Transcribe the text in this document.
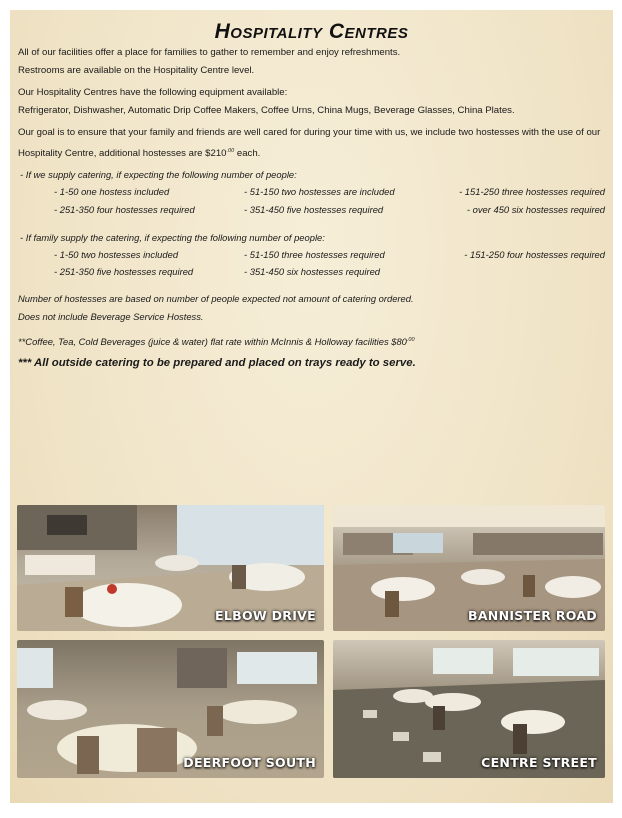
Hospitality Centres
All of our facilities offer a place for families to gather to remember and enjoy refreshments.
Restrooms are available on the Hospitality Centre level.
Our Hospitality Centres have the following equipment available:
Refrigerator, Dishwasher, Automatic Drip Coffee Makers, Coffee Urns, China Mugs, Beverage Glasses, China Plates.
Our goal is to ensure that your family and friends are well cared for during your time with us, we include two hostesses with the use of our Hospitality Centre, additional hostesses are $\$210^{.00}$ each.
- If we supply catering, if expecting the following number of people:
- 1-50 one hostess included	- 51-150 two hostesses are included	- 151-250 three hostesses required
- 251-350 four hostesses required	- 351-450 five hostesses required	- over 450 six hostesses required
- If family supply the catering, if expecting the following number of people:
- 1-50 two hostesses included	- 51-150 three hostesses required	- 151-250 four hostesses required
- 251-350 five hostesses required	- 351-450 six hostesses required
Number of hostesses are based on number of people expected not amount of catering ordered.
Does not include Beverage Service Hostess.
**Coffee, Tea, Cold Beverages (juice & water) flat rate within McInnis & Holloway facilities $\$80^{.00}$
*** All outside catering to be prepared and placed on trays ready to serve.
ELBOW DRIVE	BANNISTER ROAD
DEERFOOT SOUTH	CENTRE STREET
